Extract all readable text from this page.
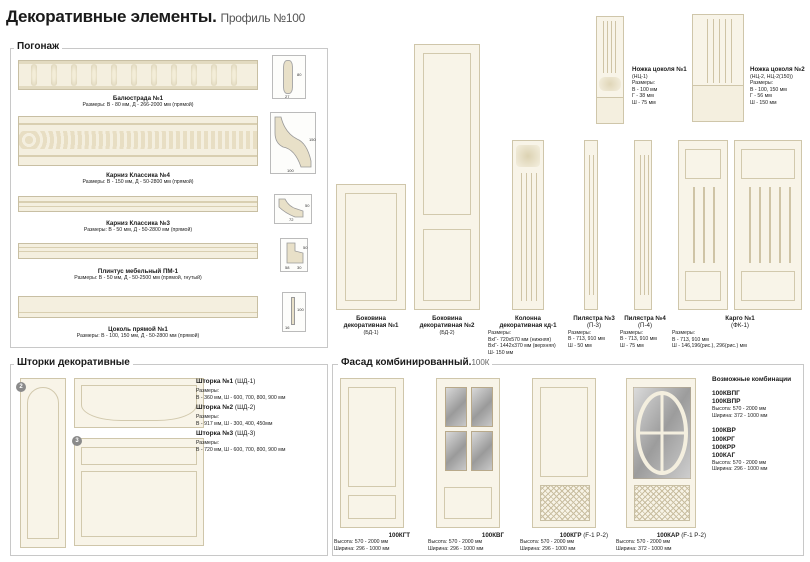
Декоративные элементы. Профиль №100
Погонаж
Балюстрада №1
Размеры: В - 80 мм, Д - 266-2000 мм (прямой)
80
27
Карниз Классика №4
Размеры: В - 150 мм, Д - 50-2800 мм (прямой)
150
100
Карниз Классика №3
Размеры: В - 50 мм, Д - 50-2800 мм (прямой)
50
72
Плинтус мебельный ПМ-1
Размеры: В - 50 мм, Д - 50-2500 мм (прямой, гнутый)
50
58 30
Цоколь прямой №1
Размеры: В - 100, 150 мм, Д - 50-2800 мм (прямой)
100
16
Ножка цоколя №1
(НЦ-1)
Размеры:
В - 100 мм
Г - 38 мм
Ш - 75 мм
Ножка цоколя №2
(НЦ-2, НЦ-2(150))
Размеры:
В - 100, 150 мм
Г - 56 мм
Ш - 150 мм
Боковина декоративная №1
(БД-1)
Боковина декоративная №2
(БД-2)
Колонна декоративная кд-1
Размеры:
ВхГ- 720х570 мм (нижняя)
ВхГ- 1442х370 мм (верхняя)
Ш- 150 мм
Пилястра №3 (П-3)
Размеры:
В - 713, 910 мм
Ш - 50 мм
Пилястра №4 (П-4)
Размеры:
В - 713, 910 мм
Ш - 75 мм
Карго №1
(ФК-1)
Размеры:
В - 713, 910 мм
Ш - 146,196(рис.), 296(рис.) мм
Шторки декоративные
2
3
Шторка №1 (ШД-1)
Размеры:
В - 360 мм, Ш - 600, 700, 800, 900 мм
Шторка №2 (ШД-2)
Размеры:
В - 917 мм, Ш - 300, 400, 450мм
Шторка №3 (ШД-3)
Размеры:
В - 720 мм, Ш - 600, 700, 800, 900 мм
Фасад комбинированный.100К
100КГТ
Высота: 570 - 2000 мм
Ширина: 296 - 1000 мм
100КВГ
Высота: 570 - 2000 мм
Ширина: 296 - 1000 мм
100КГР (F-1 Р-2)
Высота: 570 - 2000 мм
Ширина: 296 - 1000 мм
100КАР (F-1 Р-2)
Высота: 570 - 2000 мм
Ширина: 372 - 1000 мм
Возможные комбинации
100КВПГ
100КВПР
Высота: 570 - 2000 мм
Ширина: 372 - 1000 мм
100КВР
100КРГ
100КРР
100КАГ
Высота: 570 - 2000 мм
Ширина: 296 - 1000 мм
